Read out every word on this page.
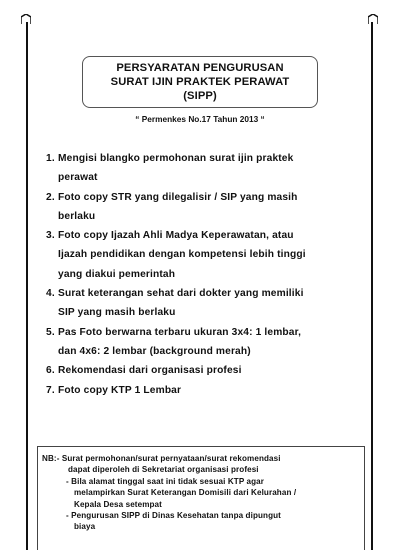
PERSYARATAN PENGURUSAN
SURAT IJIN PRAKTEK PERAWAT
(SIPP)
“ Permenkes No.17 Tahun 2013 “
1. Mengisi blangko permohonan surat ijin praktek
perawat
2. Foto copy STR yang dilegalisir / SIP yang masih
berlaku
3. Foto copy Ijazah Ahli Madya Keperawatan, atau
Ijazah pendidikan dengan kompetensi lebih tinggi
yang diakui pemerintah
4. Surat keterangan sehat dari dokter yang memiliki
SIP yang masih berlaku
5. Pas Foto berwarna terbaru ukuran 3x4: 1 lembar,
dan 4x6: 2 lembar (background merah)
6. Rekomendasi dari organisasi profesi
7. Foto copy KTP 1 Lembar
NB:- Surat permohonan/surat pernyataan/surat rekomendasi
dapat diperoleh di Sekretariat organisasi profesi
- Bila alamat tinggal saat ini tidak sesuai KTP agar
melampirkan Surat Keterangan Domisili dari Kelurahan /
Kepala Desa setempat
- Pengurusan SIPP di Dinas Kesehatan tanpa dipungut
biaya
